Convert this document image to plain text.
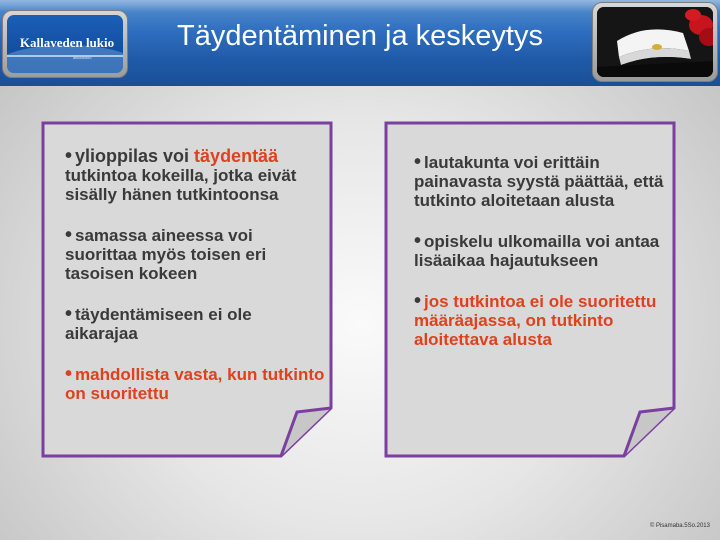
Täydentäminen ja keskeytys
Kallaveden lukio
aikuislukio
• ylioppilas voi täydentää tutkintoa kokeilla, jotka eivät sisälly hänen tutkintoonsa
• samassa aineessa voi suorittaa myös toisen eri tasoisen kokeen
• täydentämiseen ei ole aikarajaa
• mahdollista vasta, kun tutkinto on suoritettu
• lautakunta voi erittäin painavasta syystä päättää, että tutkinto aloitetaan alusta
• opiskelu ulkomailla voi antaa lisäaikaa hajautukseen
• jos tutkintoa ei ole suoritettu määräajassa, on tutkinto aloitettava alusta
© Pisamaba.5So.2013
